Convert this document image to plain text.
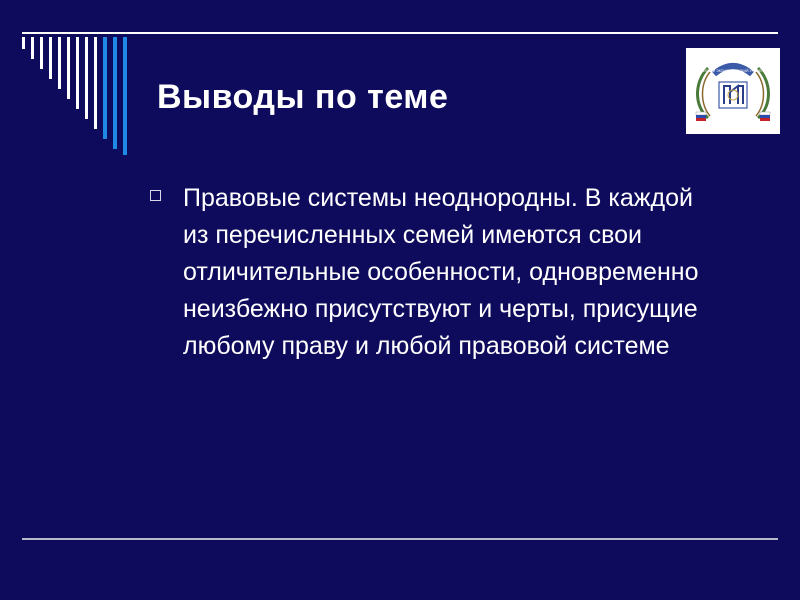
Выводы по теме
РОССИЙСКИЙ ЭКОНОМИЧЕСКИЙ УНИВЕРСИТЕТ
Правовые системы неоднородны. В каждой из перечисленных семей имеются свои отличительные особенности, одновременно неизбежно присутствуют и черты, присущие любому праву и любой правовой системе
